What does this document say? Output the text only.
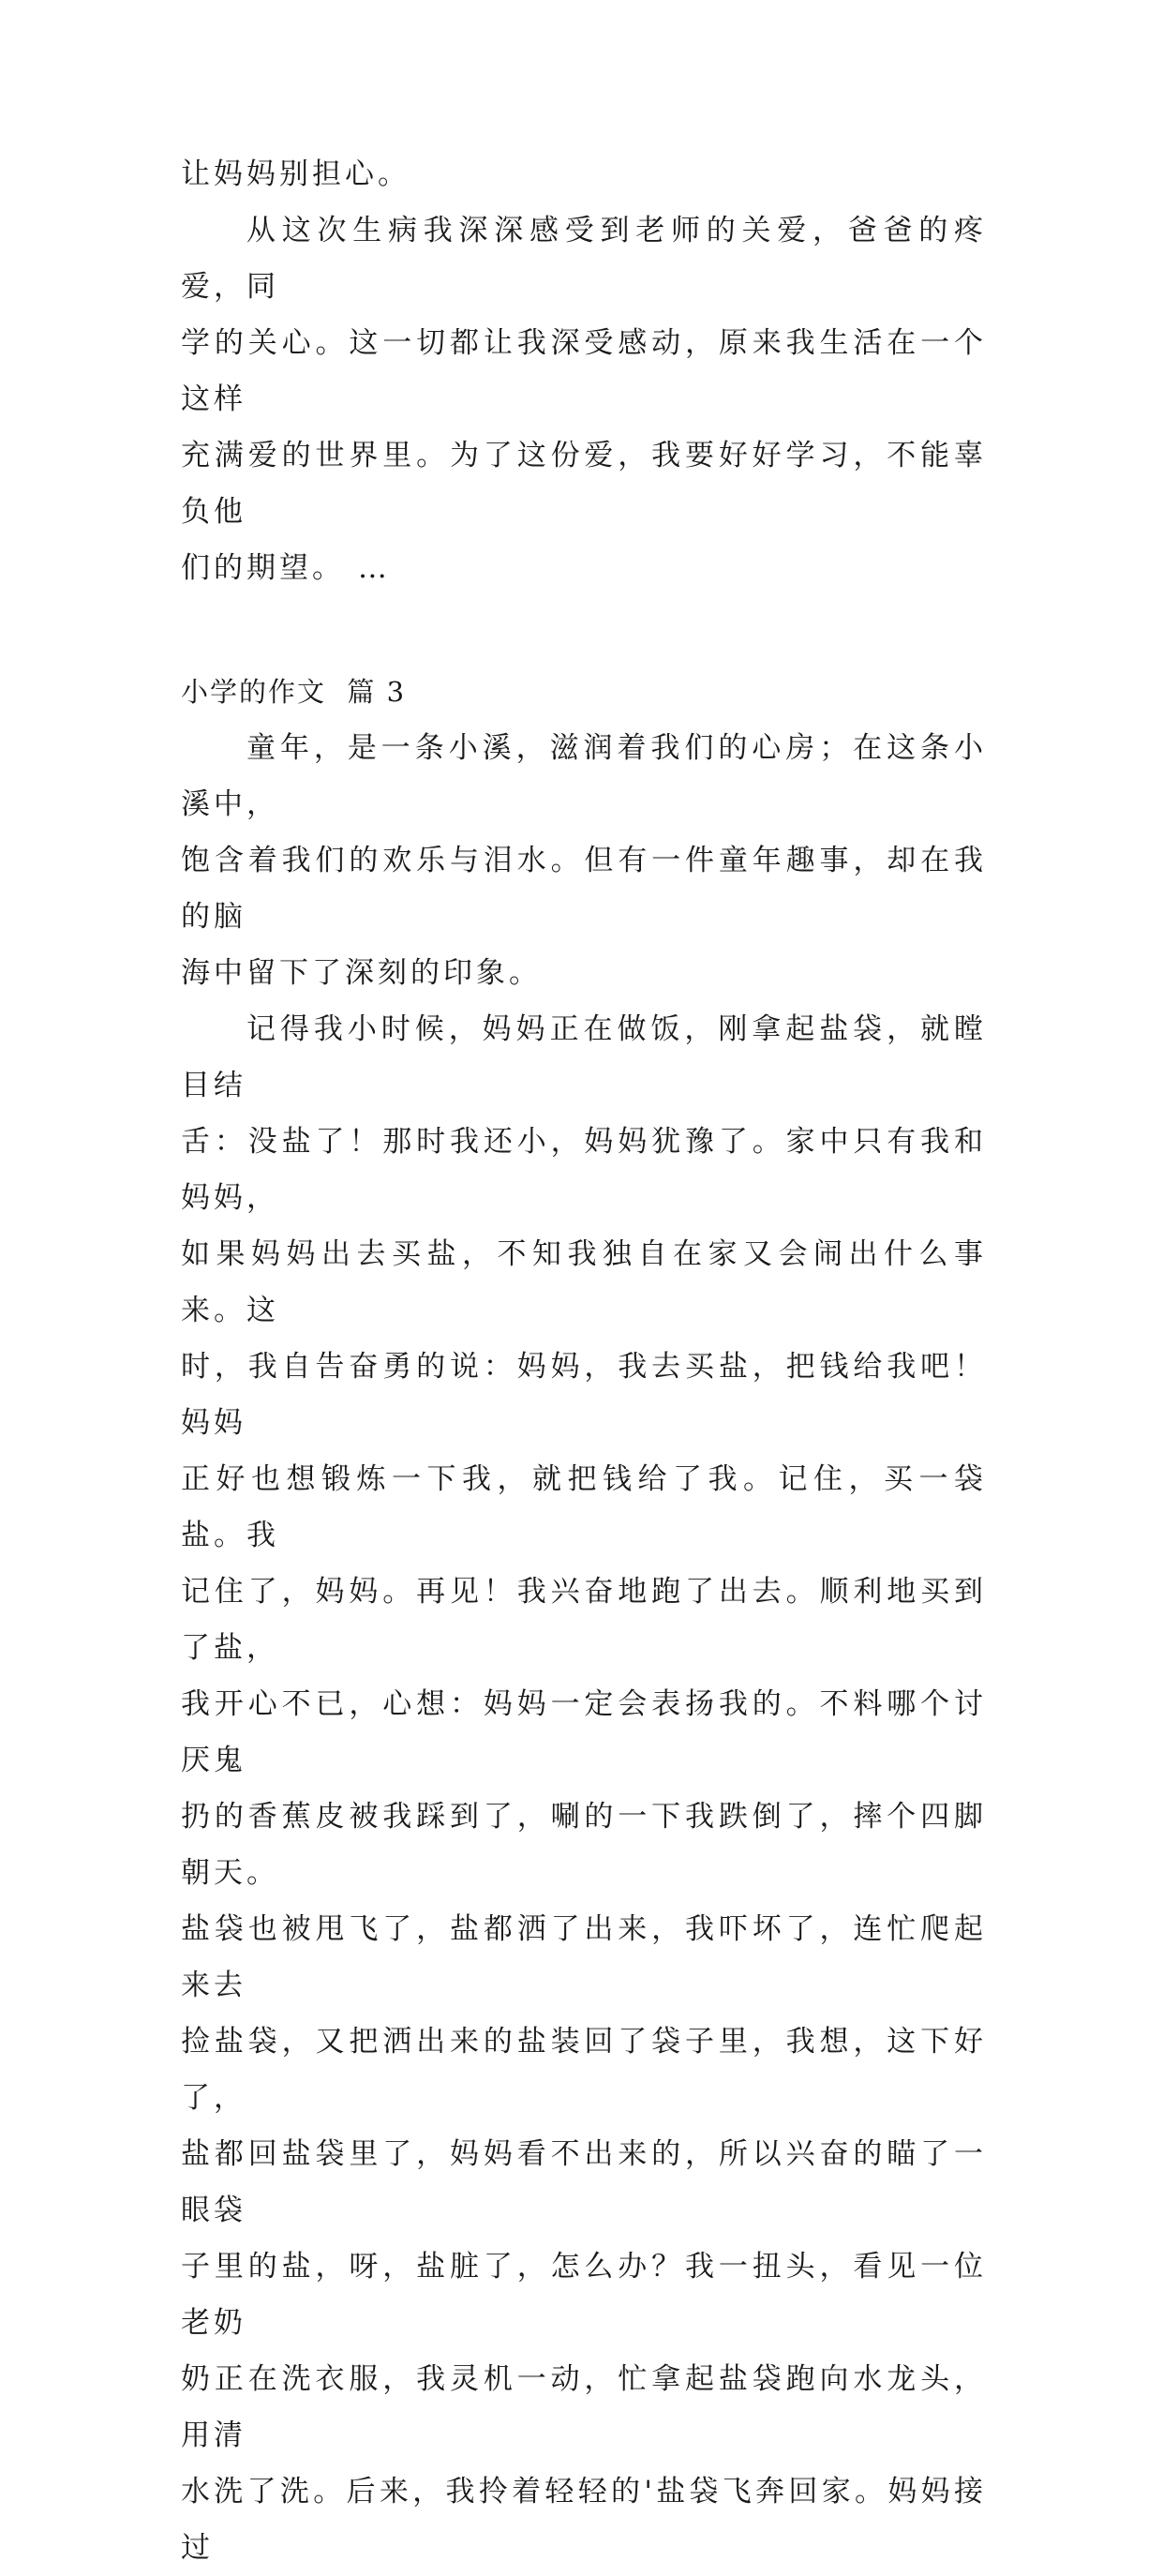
让妈妈别担心。
从这次生病我深深感受到老师的关爱，爸爸的疼爱，同
学的关心。这一切都让我深受感动，原来我生活在一个这样
充满爱的世界里。为了这份爱，我要好好学习，不能辜负他
们的期望。 …
小学的作文  篇 3
童年，是一条小溪，滋润着我们的心房；在这条小溪中，
饱含着我们的欢乐与泪水。但有一件童年趣事，却在我的脑
海中留下了深刻的印象。
记得我小时候，妈妈正在做饭，刚拿起盐袋，就瞠目结
舌：没盐了！那时我还小，妈妈犹豫了。家中只有我和妈妈，
如果妈妈出去买盐，不知我独自在家又会闹出什么事来。这
时，我自告奋勇的说：妈妈，我去买盐，把钱给我吧！妈妈
正好也想锻炼一下我，就把钱给了我。记住，买一袋盐。我
记住了，妈妈。再见！我兴奋地跑了出去。顺利地买到了盐，
我开心不已，心想：妈妈一定会表扬我的。不料哪个讨厌鬼
扔的香蕉皮被我踩到了，唰的一下我跌倒了，摔个四脚朝天。
盐袋也被甩飞了，盐都洒了出来，我吓坏了，连忙爬起来去
捡盐袋，又把洒出来的盐装回了袋子里，我想，这下好了，
盐都回盐袋里了，妈妈看不出来的，所以兴奋的瞄了一眼袋
子里的盐，呀，盐脏了，怎么办？我一扭头，看见一位老奶
奶正在洗衣服，我灵机一动，忙拿起盐袋跑向水龙头，用清
水洗了洗。后来，我拎着轻轻的'盐袋飞奔回家。妈妈接过
